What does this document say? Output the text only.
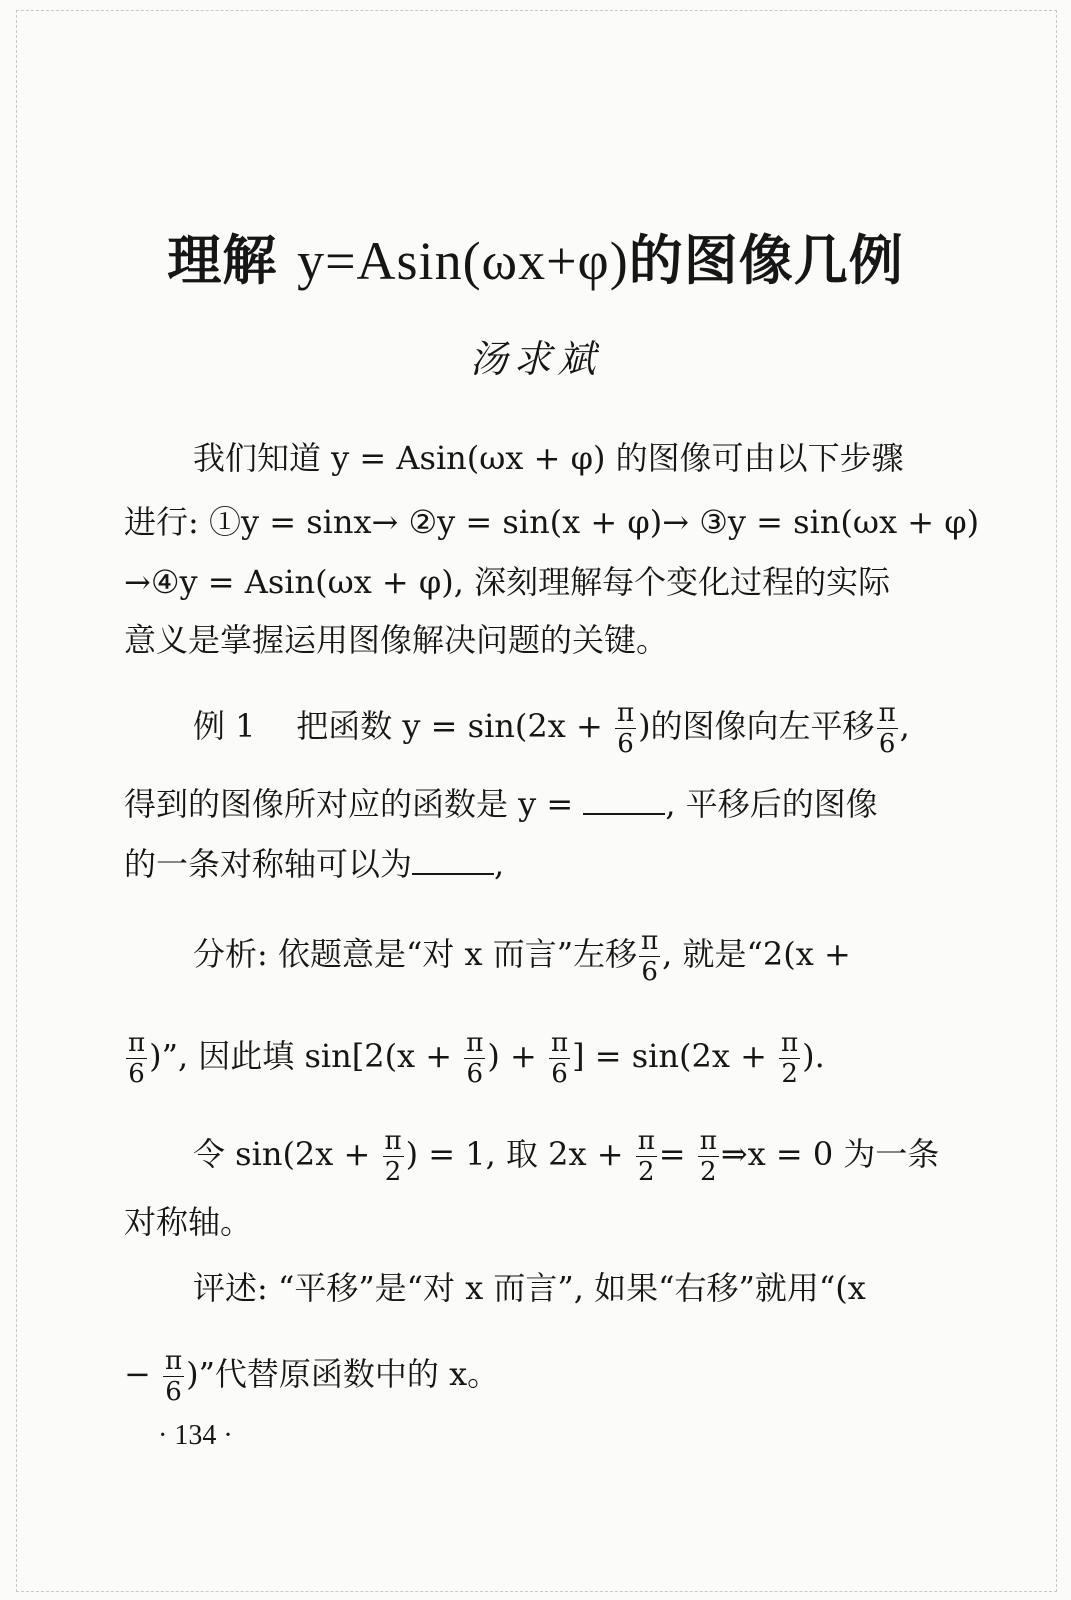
理解 y=Asin(ωx+φ)的图像几例
汤求斌
我们知道 y = Asin(ωx + φ) 的图像可由以下步骤
进行: ①y = sinx→ ②y = sin(x + φ)→ ③y = sin(ωx + φ)
→④y = Asin(ωx + φ), 深刻理解每个变化过程的实际
意义是掌握运用图像解决问题的关键。
例 1 把函数 $y = \sin(2x + \frac{\pi}{6}$ )的图像向左平移 $\frac{\pi}{6}$ ,
得到的图像所对应的函数是 y =	, 平移后的图像
的一条对称轴可以为	,
分析: 依题意是“对 x 而言”左移 $\frac{\pi}{6}$ , 就是“2(x +
$\frac{\pi}{6}$ )”, 因此填 $\sin[2(x + \frac{\pi}{6}$ ) + $\frac{\pi}{6}$ ] = $\sin(2x + \frac{\pi}{2}$ ).
令 $\sin(2x + \frac{\pi}{2}$ ) = 1, 取 $2x + \frac{\pi}{2} = \frac{\pi}{2}$ ⇒x = 0 为一条
对称轴。
评述: “平移”是“对 x 而言”, 如果“右移”就用“(x
− $\frac{\pi}{6}$ )”代替原函数中的 x。
· 134 ·
